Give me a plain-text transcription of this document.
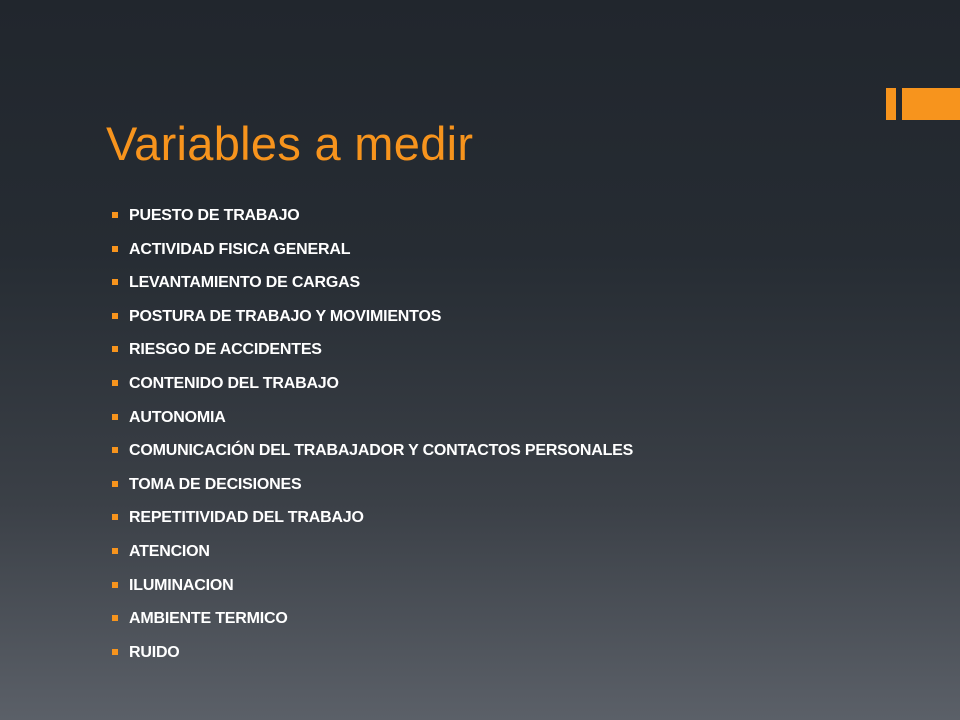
Variables a medir
PUESTO DE TRABAJO
ACTIVIDAD FISICA GENERAL
LEVANTAMIENTO DE CARGAS
POSTURA DE TRABAJO Y MOVIMIENTOS
RIESGO DE ACCIDENTES
CONTENIDO DEL TRABAJO
AUTONOMIA
COMUNICACIÓN DEL TRABAJADOR Y CONTACTOS PERSONALES
TOMA DE DECISIONES
REPETITIVIDAD DEL TRABAJO
ATENCION
ILUMINACION
AMBIENTE TERMICO
RUIDO
